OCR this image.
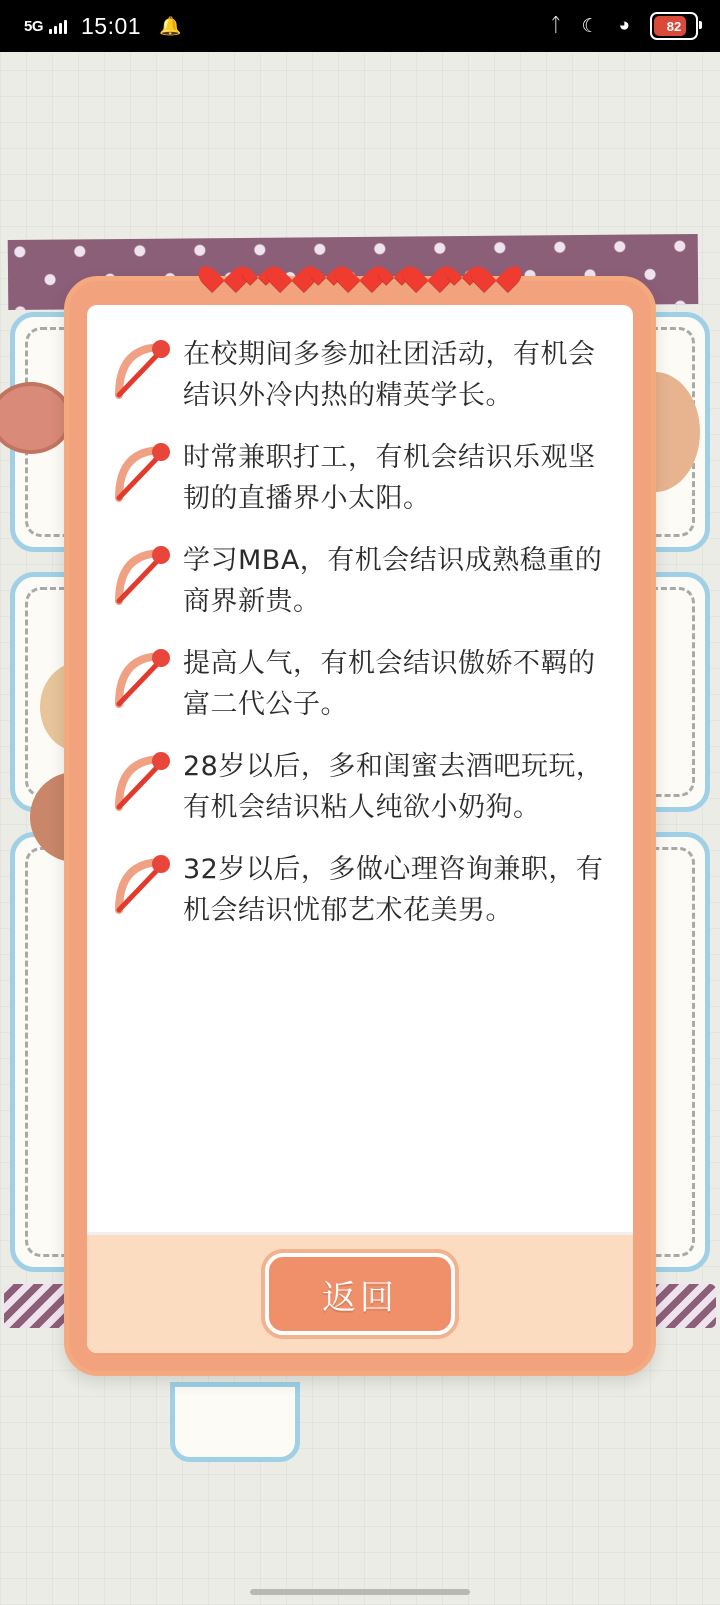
5G 15:01 🔔	ᛏ ☾ ◕	82
在校期间多参加社团活动，有机会结识外冷内热的精英学长。
时常兼职打工，有机会结识乐观坚韧的直播界小太阳。
学习MBA，有机会结识成熟稳重的商界新贵。
提高人气，有机会结识傲娇不羁的富二代公子。
28岁以后，多和闺蜜去酒吧玩玩，有机会结识粘人纯欲小奶狗。
32岁以后，多做心理咨询兼职，有机会结识忧郁艺术花美男。
返回
